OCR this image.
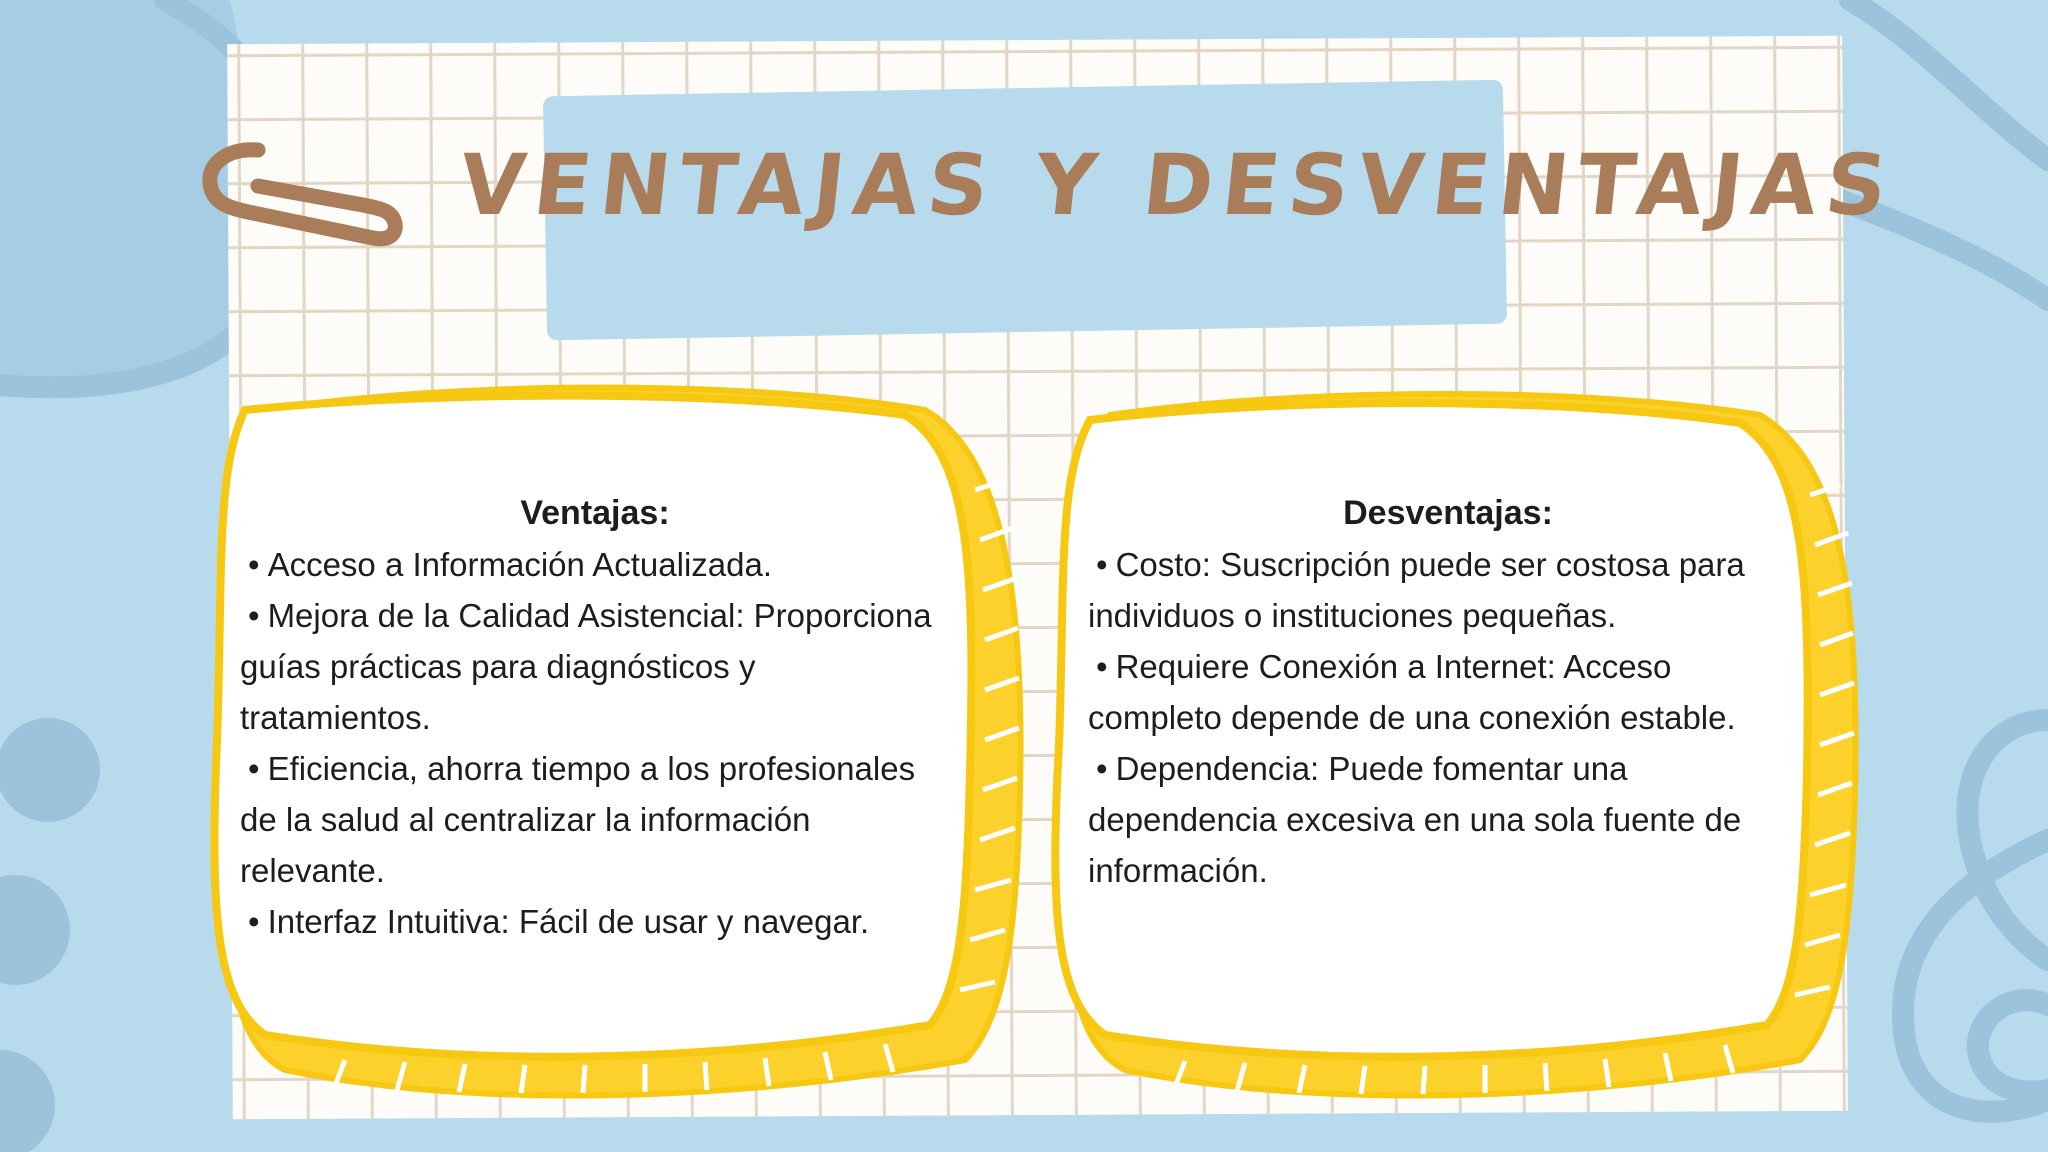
VENTAJAS Y DESVENTAJAS
Ventajas:
• Acceso a Información Actualizada.
• Mejora de la Calidad Asistencial: Proporciona guías prácticas para diagnósticos y tratamientos.
• Eficiencia, ahorra tiempo a los profesionales de la salud al centralizar la información relevante.
• Interfaz Intuitiva: Fácil de usar y navegar.
Desventajas:
• Costo: Suscripción puede ser costosa para individuos o instituciones pequeñas.
• Requiere Conexión a Internet: Acceso completo depende de una conexión estable.
• Dependencia: Puede fomentar una dependencia excesiva en una sola fuente de información.
